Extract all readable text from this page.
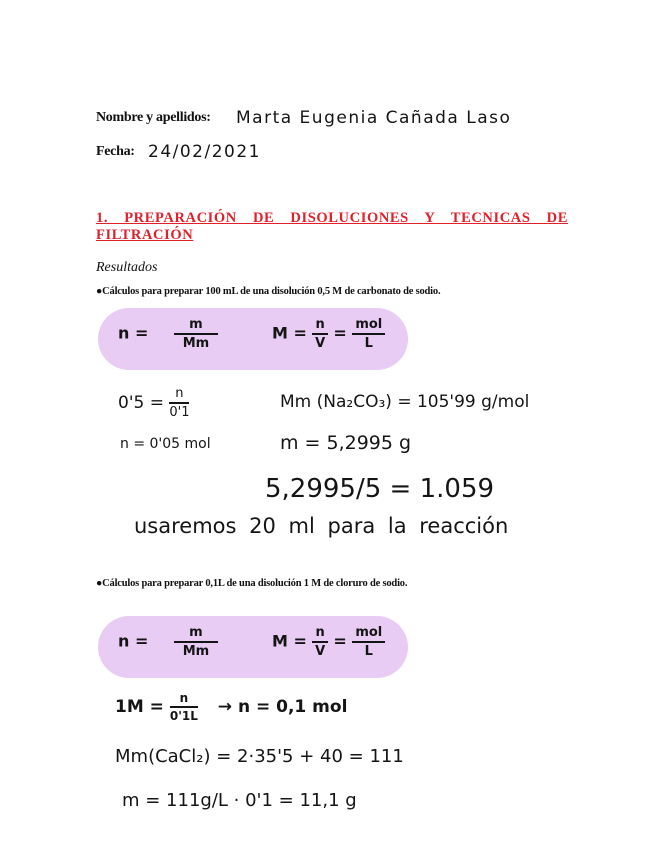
Nombre y apellidos: Marta Eugenia Cañada Laso
Fecha: 24/02/2021
1. PREPARACIÓN DE DISOLUCIONES Y TECNICAS DE FILTRACIÓN
Resultados
●Cálculos para preparar 100 mL de una disolución 0,5 M de carbonato de sodio.
$n = \frac{m}{Mm}$	$M = \frac{n}{V} = \frac{\text{mol}}{L}$
$0'5 = \frac{n}{0'1}$	Mm (Na₂CO₃) = 105'99 g/mol
n = 0'05 mol	m = 5,2995 g
5,2995/5 = 1.059
usaremos 20 ml para la reacción
●Cálculos para preparar 0,1L de una disolución 1 M de cloruro de sodio.
$n = \frac{m}{Mm}$	$M = \frac{n}{V} = \frac{\text{mol}}{L}$
$1M = \frac{n}{0'1L} \to n = 0,1$ mol
Mm(CaCl₂) = 2·35'5 + 40 = 111
m = 111g/L · 0'1 = 11,1 g
